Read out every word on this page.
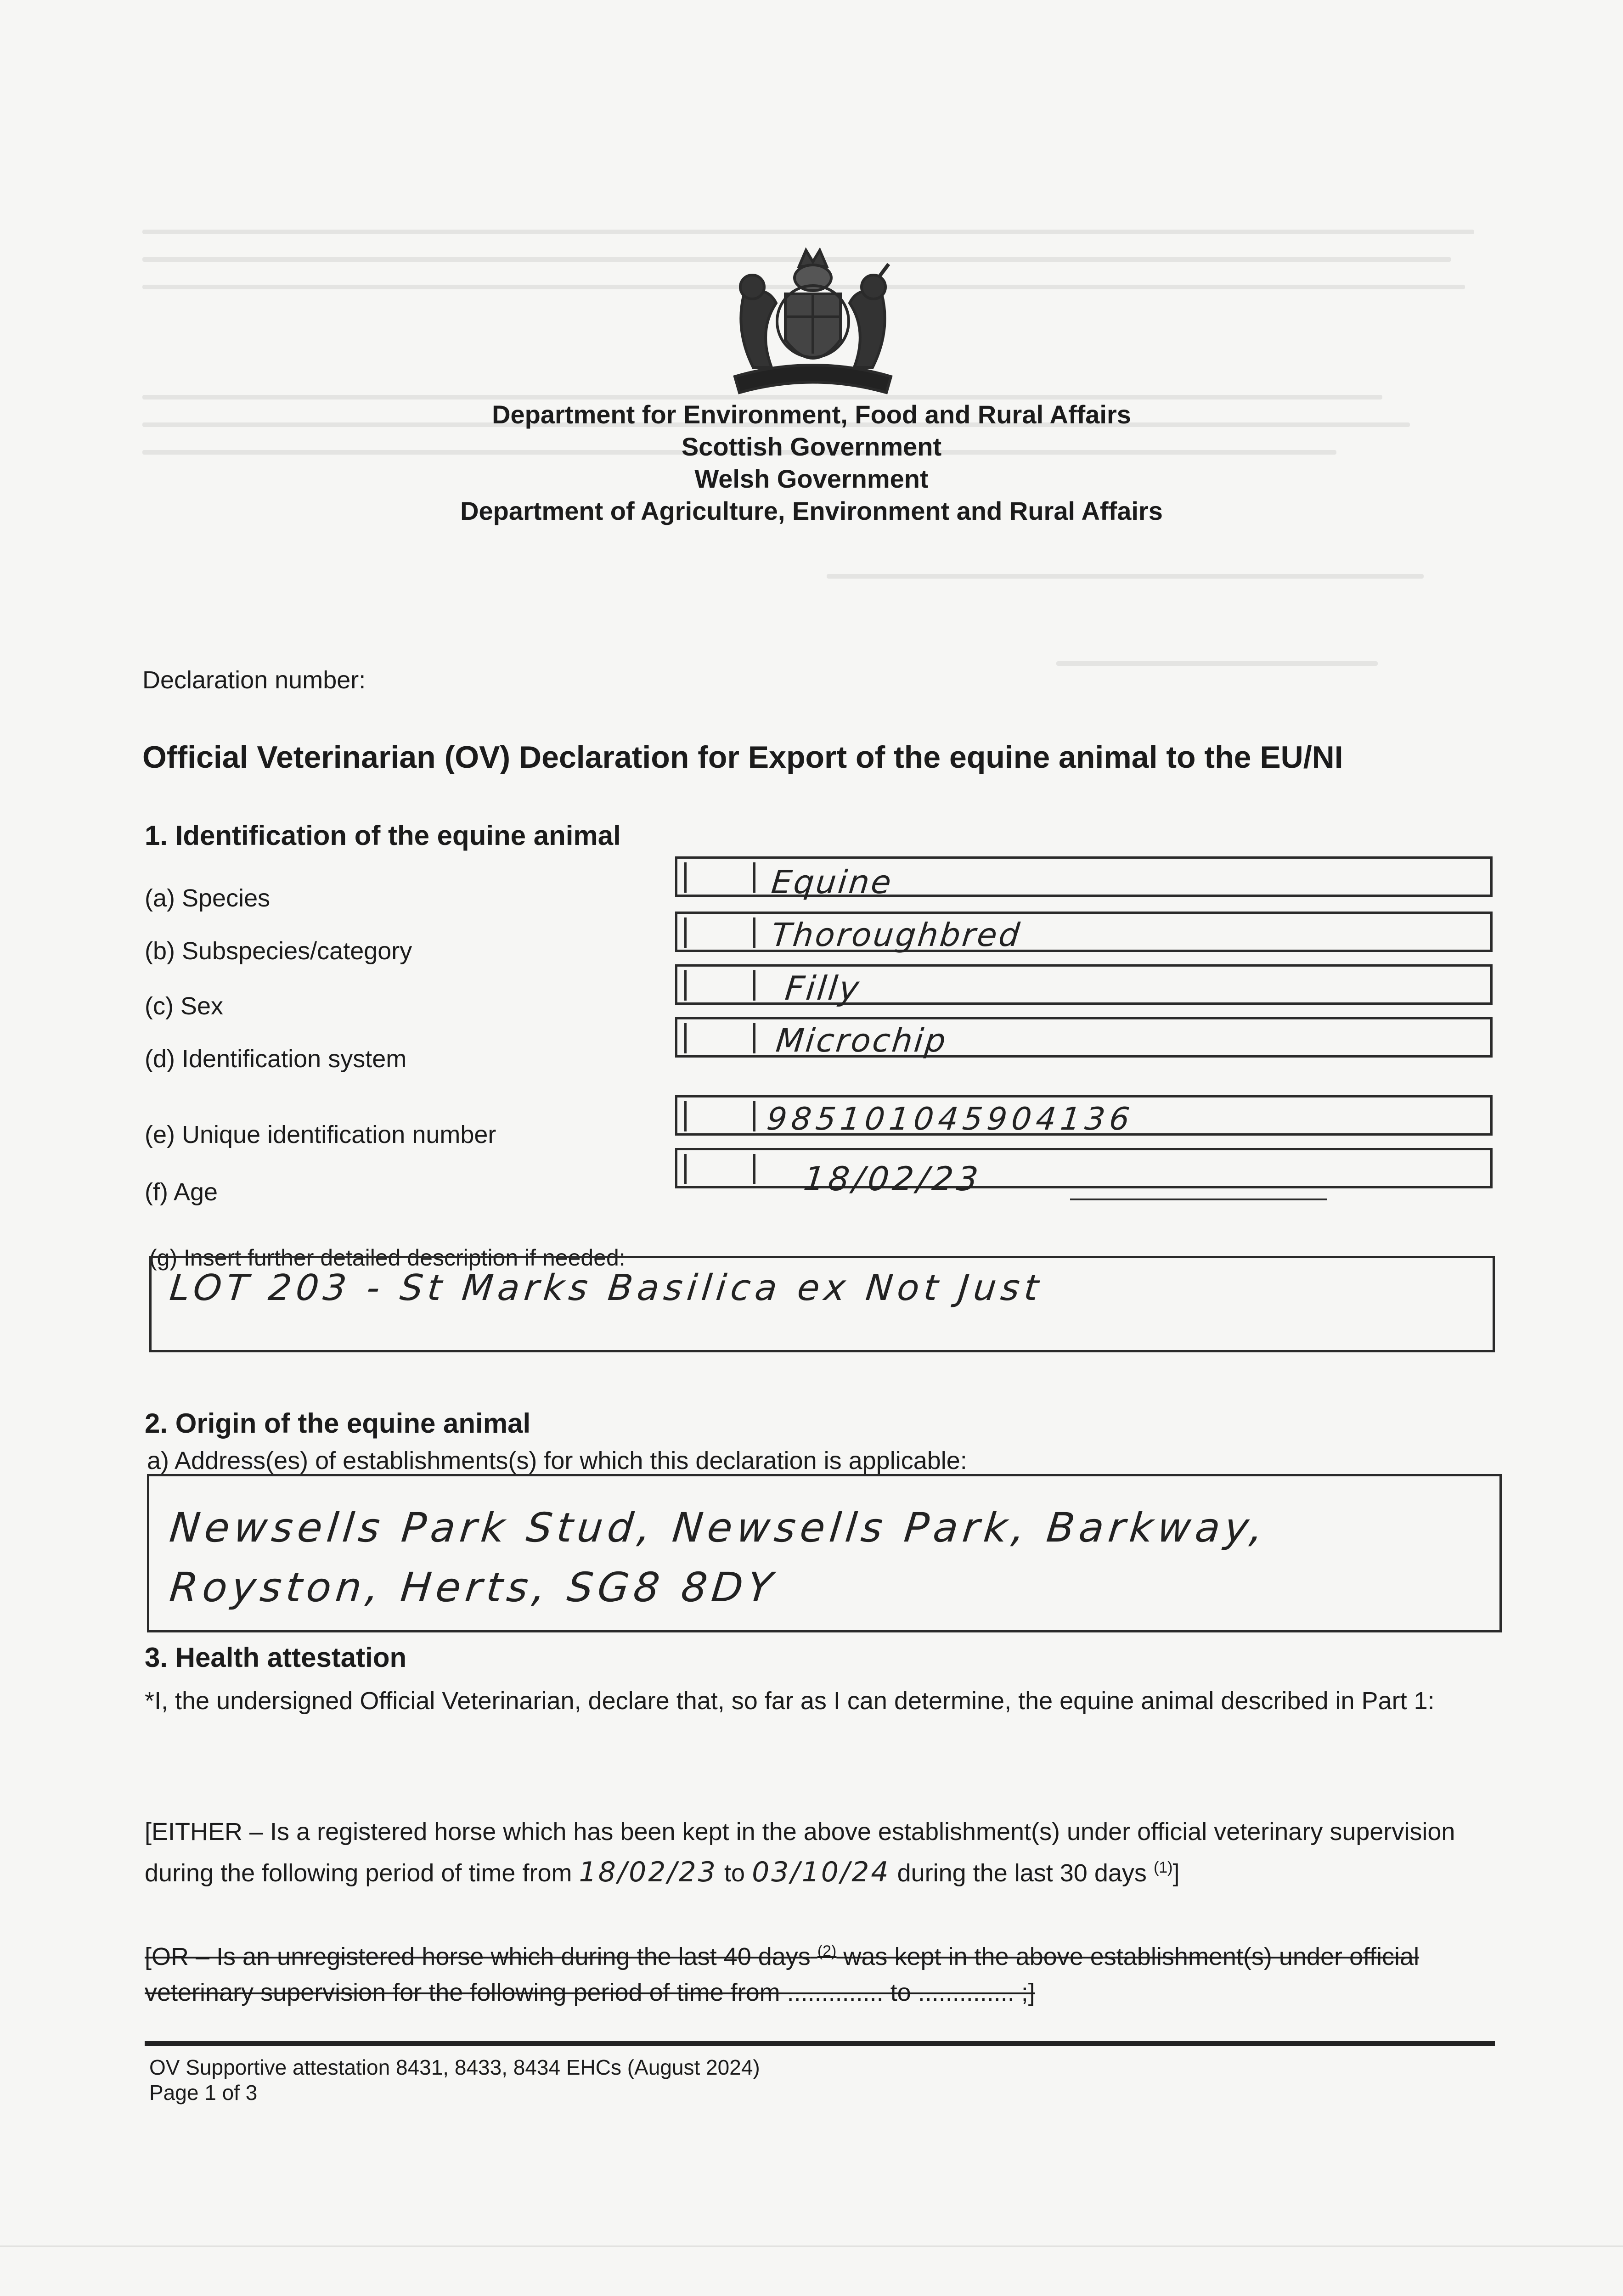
Department for Environment, Food and Rural Affairs
Scottish Government
Welsh Government
Department of Agriculture, Environment and Rural Affairs
Declaration number:
Official Veterinarian (OV) Declaration for Export of the equine animal to the EU/NI
1. Identification of the equine animal
(a) Species	Equine
(b) Subspecies/category	Thoroughbred
(c) Sex	Filly
(d) Identification system	Microchip
(e) Unique identification number	985101045904136
(f) Age	18/02/23
(g) Insert further detailed description if needed:
LOT 203 - St Marks Basilica ex Not Just
2. Origin of the equine animal
a) Address(es) of establishments(s) for which this declaration is applicable:
Newsells Park Stud, Newsells Park, Barkway,
Royston, Herts, SG8 8DY
3. Health attestation
*I, the undersigned Official Veterinarian, declare that, so far as I can determine, the equine animal described in Part 1:
[EITHER – Is a registered horse which has been kept in the above establishment(s) under official veterinary supervision during the following period of time from 18/02/23 to 03/10/24 during the last 30 days $^{(1)}$]
[OR – Is an unregistered horse which during the last 40 days $^{(2)}$ was kept in the above establishment(s) under official veterinary supervision for the following period of time from .............. to .............. ;]
OV Supportive attestation 8431, 8433, 8434 EHCs (August 2024)
Page 1 of 3
